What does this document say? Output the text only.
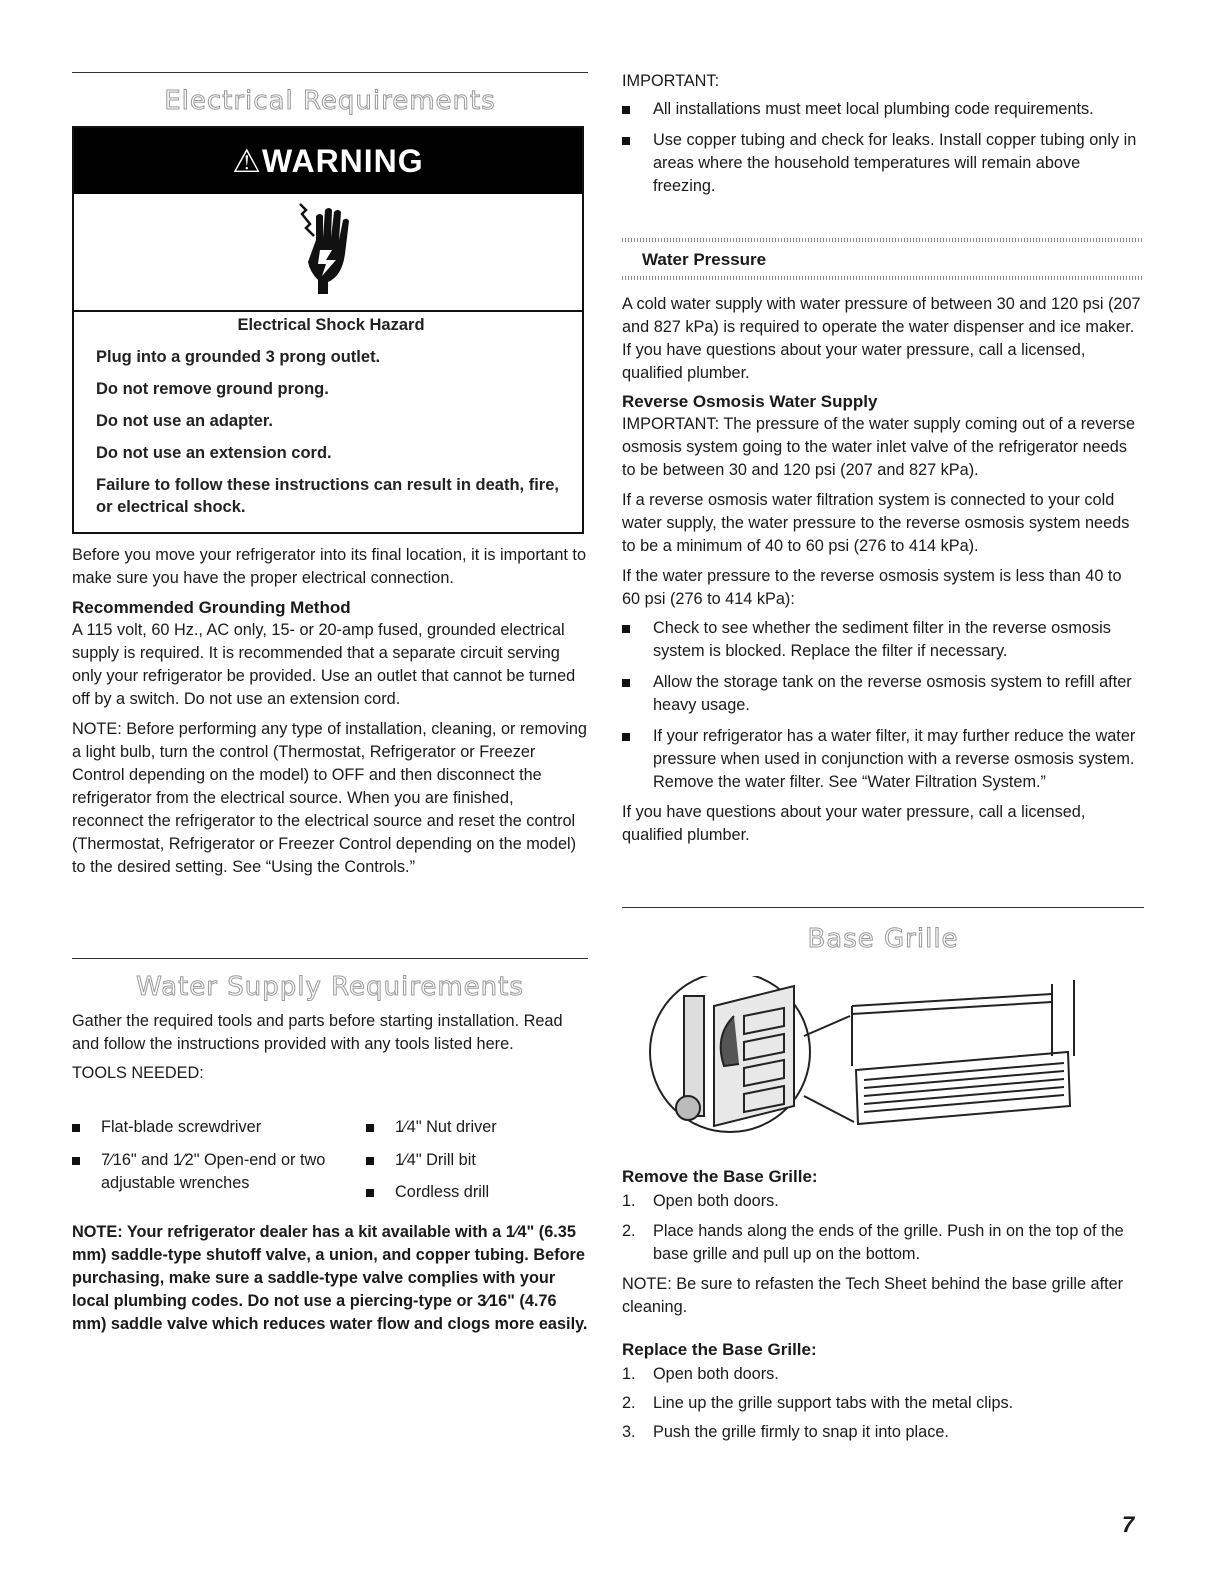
Electrical Requirements
⚠WARNING
Electrical Shock Hazard
Plug into a grounded 3 prong outlet.
Do not remove ground prong.
Do not use an adapter.
Do not use an extension cord.
Failure to follow these instructions can result in death, fire, or electrical shock.

Before you move your refrigerator into its final location, it is important to make sure you have the proper electrical connection.

Recommended Grounding Method

A 115 volt, 60 Hz., AC only, 15- or 20-amp fused, grounded electrical supply is required. It is recommended that a separate circuit serving only your refrigerator be provided. Use an outlet that cannot be turned off by a switch. Do not use an extension cord.

NOTE: Before performing any type of installation, cleaning, or removing a light bulb, turn the control (Thermostat, Refrigerator or Freezer Control depending on the model) to OFF and then disconnect the refrigerator from the electrical source. When you are finished, reconnect the refrigerator to the electrical source and reset the control (Thermostat, Refrigerator or Freezer Control depending on the model) to the desired setting. See “Using the Controls.”

Water Supply Requirements

Gather the required tools and parts before starting installation. Read and follow the instructions provided with any tools listed here.

TOOLS NEEDED:
Flat-blade screwdriver
7⁄16" and 1⁄2" Open-end or two adjustable wrenches
1⁄4" Nut driver
1⁄4" Drill bit
Cordless drill

NOTE: Your refrigerator dealer has a kit available with a 1⁄4" (6.35 mm) saddle-type shutoff valve, a union, and copper tubing. Before purchasing, make sure a saddle-type valve complies with your local plumbing codes. Do not use a piercing-type or 3⁄16" (4.76 mm) saddle valve which reduces water flow and clogs more easily.

IMPORTANT:

All installations must meet local plumbing code requirements.

Use copper tubing and check for leaks. Install copper tubing only in areas where the household temperatures will remain above freezing.

Water Pressure

A cold water supply with water pressure of between 30 and 120 psi (207 and 827 kPa) is required to operate the water dispenser and ice maker. If you have questions about your water pressure, call a licensed, qualified plumber.

Reverse Osmosis Water Supply

IMPORTANT: The pressure of the water supply coming out of a reverse osmosis system going to the water inlet valve of the refrigerator needs to be between 30 and 120 psi (207 and 827 kPa).

If a reverse osmosis water filtration system is connected to your cold water supply, the water pressure to the reverse osmosis system needs to be a minimum of 40 to 60 psi (276 to 414 kPa).

If the water pressure to the reverse osmosis system is less than 40 to 60 psi (276 to 414 kPa):

Check to see whether the sediment filter in the reverse osmosis system is blocked. Replace the filter if necessary.

Allow the storage tank on the reverse osmosis system to refill after heavy usage.

If your refrigerator has a water filter, it may further reduce the water pressure when used in conjunction with a reverse osmosis system. Remove the water filter. See “Water Filtration System.”

If you have questions about your water pressure, call a licensed, qualified plumber.

Base Grille
Remove the Base Grille:

1. Open both doors.

2. Place hands along the ends of the grille. Push in on the top of the base grille and pull up on the bottom.

NOTE: Be sure to refasten the Tech Sheet behind the base grille after cleaning.

Replace the Base Grille:

1. Open both doors.

2. Line up the grille support tabs with the metal clips.

3. Push the grille firmly to snap it into place.

7
